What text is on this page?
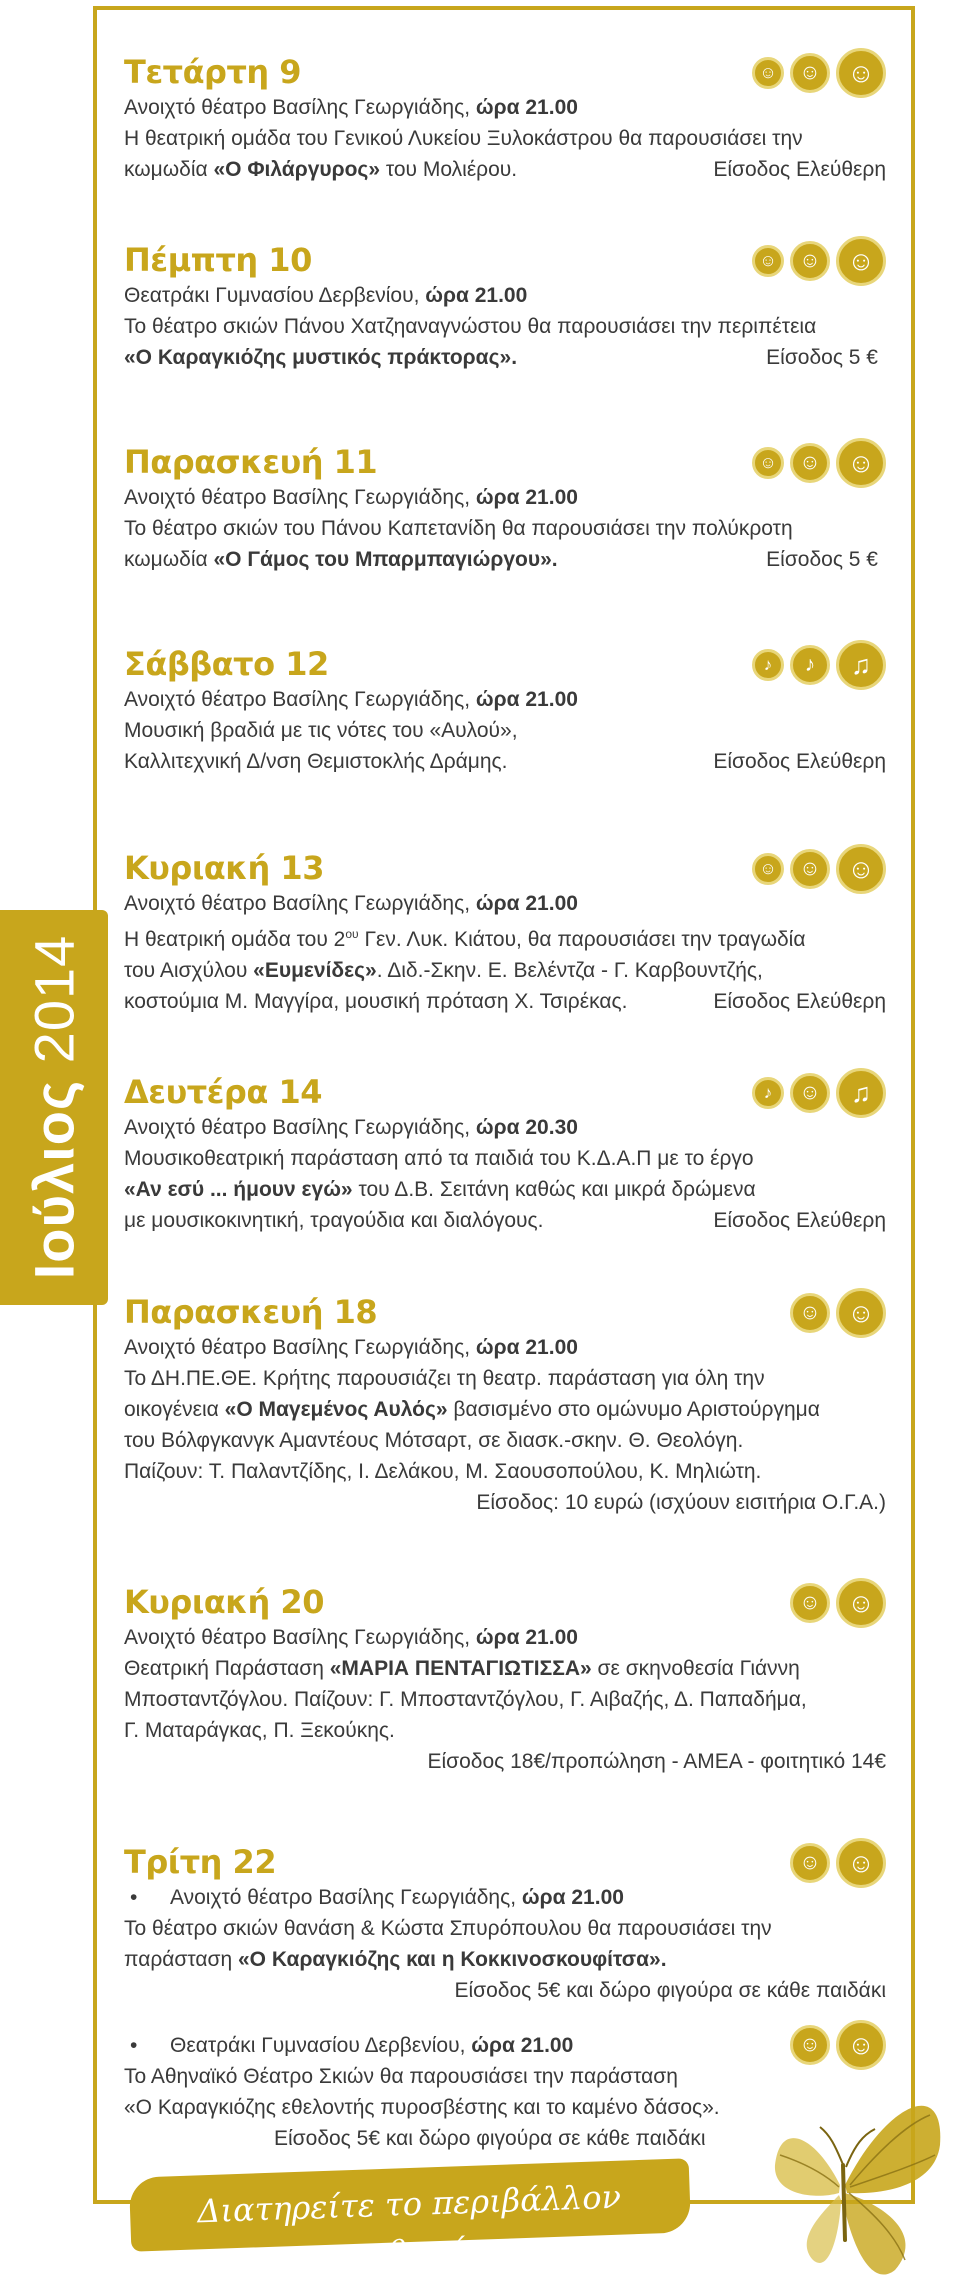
Ιούλιος 2014
☺	☺ ☺
Τετάρτη 9
Ανοιχτό θέατρο Βασίλης Γεωργιάδης, ώρα 21.00
Η θεατρική ομάδα του Γενικού Λυκείου Ξυλοκάστρου θα παρουσιάσει την
κωμωδία «Ο Φιλάργυρος» του Μολιέρου.	Είσοδος Ελεύθερη
☺	☺ ☺
Πέμπτη 10
Θεατράκι Γυμνασίου Δερβενίου, ώρα 21.00
Το θέατρο σκιών Πάνου Χατζηαναγνώστου θα παρουσιάσει την περιπέτεια
«Ο Καραγκιόζης μυστικός πράκτορας».	Είσοδος 5 €
☺	☺ ☺
Παρασκευή 11
Ανοιχτό θέατρο Βασίλης Γεωργιάδης, ώρα 21.00
Το θέατρο σκιών του Πάνου Καπετανίδη θα παρουσιάσει την πολύκροτη
κωμωδία «Ο Γάμος του Μπαρμπαγιώργου».	Είσοδος 5 €
♪	♪	♫
Σάββατο 12
Ανοιχτό θέατρο Βασίλης Γεωργιάδης, ώρα 21.00
Μουσική βραδιά με τις νότες του «Αυλού»,
Καλλιτεχνική Δ/νση Θεμιστοκλής Δράμης.	Είσοδος Ελεύθερη
☺	☺ ☺
Κυριακή 13
Ανοιχτό θέατρο Βασίλης Γεωργιάδης, ώρα 21.00
Η θεατρική ομάδα του $2^{o\upsilon}$ Γεν. Λυκ. Κιάτου, θα παρουσιάσει την τραγωδία
του Αισχύλου «Ευμενίδες». Διδ.-Σκην. Ε. Βελέντζα - Γ. Καρβουντζής,
κοστούμια Μ. Μαγγίρα, μουσική πρόταση Χ. Τσιρέκας.	Είσοδος Ελεύθερη
♪	☺	♫
Δευτέρα 14
Ανοιχτό θέατρο Βασίλης Γεωργιάδης, ώρα 20.30
Μουσικοθεατρική παράσταση από τα παιδιά του Κ.Δ.Α.Π με το έργο
«Αν εσύ ... ήμουν εγώ» του Δ.Β. Σειτάνη καθώς και μικρά δρώμενα
με μουσικοκινητική, τραγούδια και διαλόγους.	Είσοδος Ελεύθερη
☺ ☺
Παρασκευή 18
Ανοιχτό θέατρο Βασίλης Γεωργιάδης, ώρα 21.00
Το ΔΗ.ΠΕ.ΘΕ. Κρήτης παρουσιάζει τη θεατρ. παράσταση για όλη την
οικογένεια «Ο Μαγεμένος Αυλός» βασισμένο στο ομώνυμο Αριστούργημα
του Βόλφγκανγκ Αμαντέους Μότσαρτ, σε διασκ.-σκην. Θ. Θεολόγη.
Παίζουν: Τ. Παλαντζίδης, Ι. Δελάκου, Μ. Σαουσοπούλου, Κ. Μηλιώτη.
Είσοδος: 10 ευρώ (ισχύουν εισιτήρια Ο.Γ.Α.)
☺ ☺
Κυριακή 20
Ανοιχτό θέατρο Βασίλης Γεωργιάδης, ώρα 21.00
Θεατρική Παράσταση «ΜΑΡΙΑ ΠΕΝΤΑΓΙΩΤΙΣΣΑ» σε σκηνοθεσία Γιάννη
Μποσταντζόγλου. Παίζουν: Γ. Μποσταντζόγλου, Γ. Αιβαζής, Δ. Παπαδήμα,
Γ. Ματαράγκας, Π. Ξεκούκης.
Είσοδος 18€/προπώληση - ΑΜΕΑ - φοιτητικό 14€
☺ ☺
Τρίτη 22
• Ανοιχτό θέατρο Βασίλης Γεωργιάδης, ώρα 21.00
Το θέατρο σκιών θανάση & Κώστα Σπυρόπουλου θα παρουσιάσει την
παράσταση «Ο Καραγκιόζης και η Κοκκινοσκουφίτσα».
Είσοδος 5€ και δώρο φιγούρα σε κάθε παιδάκι
☺ ☺
• Θεατράκι Γυμνασίου Δερβενίου, ώρα 21.00
Το Αθηναϊκό Θέατρο Σκιών θα παρουσιάσει την παράσταση
«Ο Καραγκιόζης εθελοντής πυροσβέστης και το καμένο δάσος».
Είσοδος 5€ και δώρο φιγούρα σε κάθε παιδάκι
Διατηρείτε το περιβάλλον καθαρό.
